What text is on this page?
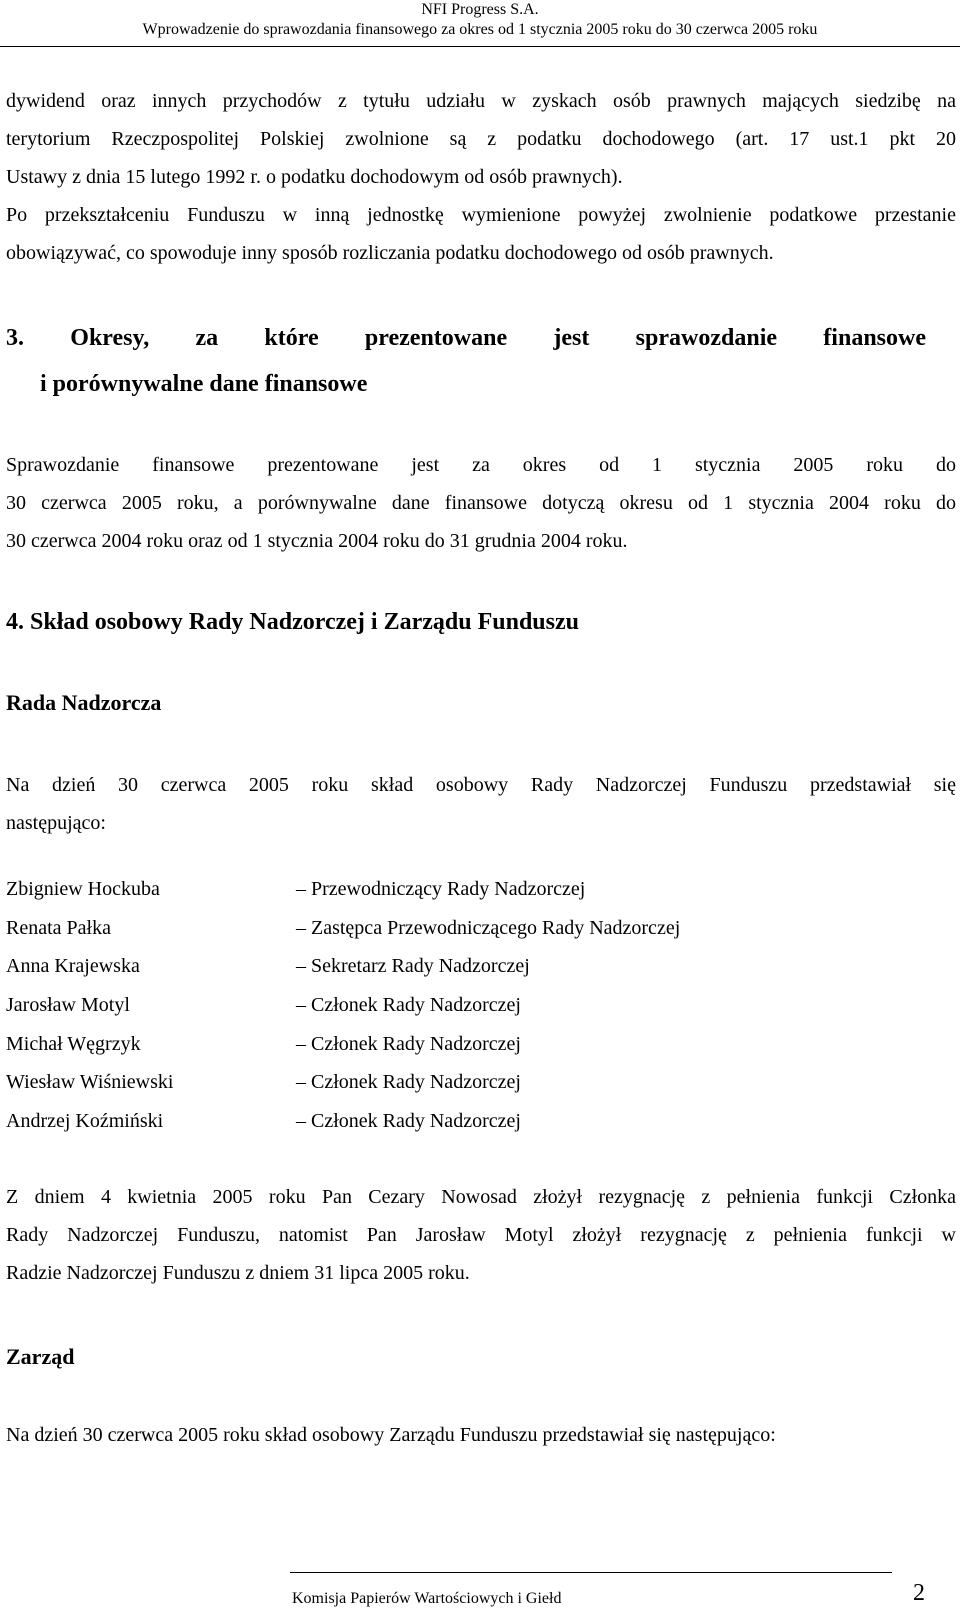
NFI Progress S.A.
Wprowadzenie do sprawozdania finansowego za okres od 1 stycznia 2005 roku do 30 czerwca 2005 roku
dywidend oraz innych przychodów z tytułu udziału w zyskach osób prawnych mających siedzibę na
terytorium Rzeczpospolitej Polskiej zwolnione są z podatku dochodowego (art. 17 ust.1 pkt 20
Ustawy z dnia 15 lutego 1992 r. o podatku dochodowym od osób prawnych).
Po przekształceniu Funduszu w inną jednostkę wymienione powyżej zwolnienie podatkowe przestanie
obowiązywać, co spowoduje inny sposób rozliczania podatku dochodowego od osób prawnych.
3. Okresy, za które prezentowane jest sprawozdanie finansowe
i porównywalne dane finansowe
Sprawozdanie finansowe prezentowane jest za okres od 1 stycznia 2005 roku do
30 czerwca 2005 roku, a porównywalne dane finansowe dotyczą okresu od 1 stycznia 2004 roku do
30 czerwca 2004 roku oraz od 1 stycznia 2004 roku do 31 grudnia 2004 roku.
4. Skład osobowy Rady Nadzorczej i Zarządu Funduszu
Rada Nadzorcza
Na dzień 30 czerwca 2005 roku skład osobowy Rady Nadzorczej Funduszu przedstawiał się
następująco:
Zbigniew Hockuba	– Przewodniczący Rady Nadzorczej
Renata Pałka	– Zastępca Przewodniczącego Rady Nadzorczej
Anna Krajewska	– Sekretarz Rady Nadzorczej
Jarosław Motyl	– Członek Rady Nadzorczej
Michał Węgrzyk	– Członek Rady Nadzorczej
Wiesław Wiśniewski	– Członek Rady Nadzorczej
Andrzej Koźmiński	– Członek Rady Nadzorczej
Z dniem 4 kwietnia 2005 roku Pan Cezary Nowosad złożył rezygnację z pełnienia funkcji Członka
Rady Nadzorczej Funduszu, natomist Pan Jarosław Motyl złożył rezygnację z pełnienia funkcji w
Radzie Nadzorczej Funduszu z dniem 31 lipca 2005 roku.
Zarząd
Na dzień 30 czerwca 2005 roku skład osobowy Zarządu Funduszu przedstawiał się następująco:
Komisja Papierów Wartościowych i Giełd	2
